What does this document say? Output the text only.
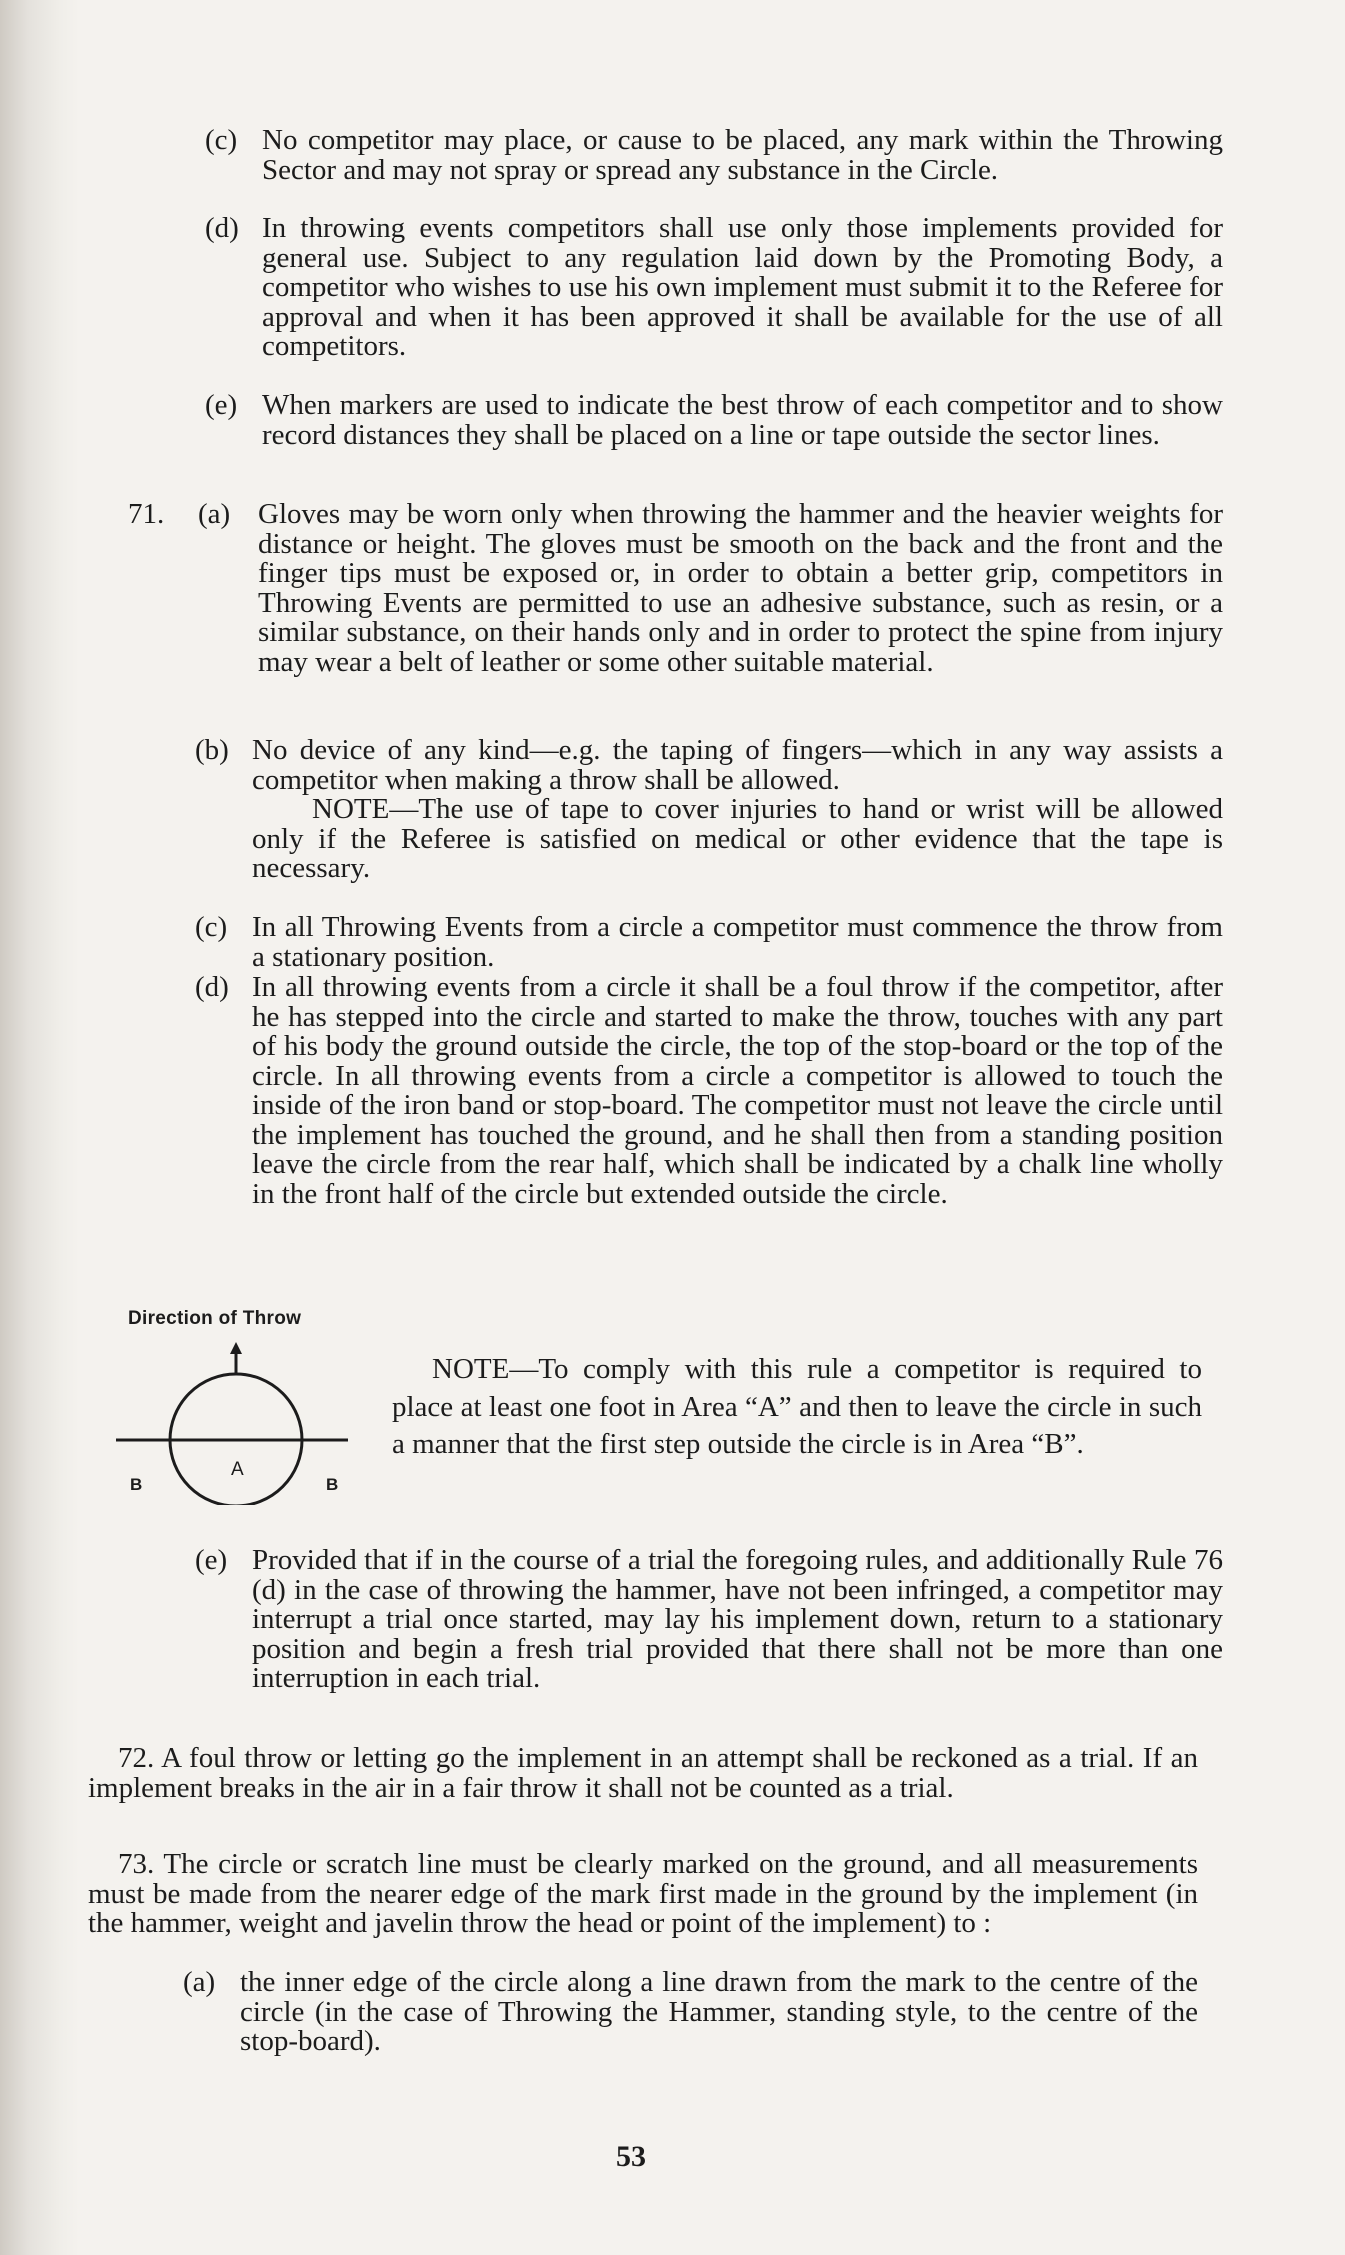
(c) No competitor may place, or cause to be placed, any mark within the Throwing Sector and may not spray or spread any substance in the Circle.
(d) In throwing events competitors shall use only those implements provided for general use. Subject to any regulation laid down by the Promoting Body, a competitor who wishes to use his own implement must submit it to the Referee for approval and when it has been approved it shall be available for the use of all competitors.
(e) When markers are used to indicate the best throw of each competitor and to show record distances they shall be placed on a line or tape outside the sector lines.
71. (a) Gloves may be worn only when throwing the hammer and the heavier weights for distance or height. The gloves must be smooth on the back and the front and the finger tips must be exposed or, in order to obtain a better grip, competitors in Throwing Events are permitted to use an adhesive substance, such as resin, or a similar substance, on their hands only and in order to protect the spine from injury may wear a belt of leather or some other suitable material.
(b) No device of any kind—e.g. the taping of fingers—which in any way assists a competitor when making a throw shall be allowed.
NOTE—The use of tape to cover injuries to hand or wrist will be allowed only if the Referee is satisfied on medical or other evidence that the tape is necessary.
(c) In all Throwing Events from a circle a competitor must commence the throw from a stationary position.
(d) In all throwing events from a circle it shall be a foul throw if the competitor, after he has stepped into the circle and started to make the throw, touches with any part of his body the ground outside the circle, the top of the stop-board or the top of the circle. In all throwing events from a circle a competitor is allowed to touch the inside of the iron band or stop-board. The competitor must not leave the circle until the implement has touched the ground, and he shall then from a standing position leave the circle from the rear half, which shall be indicated by a chalk line wholly in the front half of the circle but extended outside the circle.
Direction of Throw
A
B	B
NOTE—To comply with this rule a competitor is required to place at least one foot in Area “A” and then to leave the circle in such a manner that the first step outside the circle is in Area “B”.
(e) Provided that if in the course of a trial the foregoing rules, and additionally Rule 76 (d) in the case of throwing the hammer, have not been infringed, a competitor may interrupt a trial once started, may lay his implement down, return to a stationary position and begin a fresh trial provided that there shall not be more than one interruption in each trial.
72. A foul throw or letting go the implement in an attempt shall be reckoned as a trial. If an implement breaks in the air in a fair throw it shall not be counted as a trial.
73. The circle or scratch line must be clearly marked on the ground, and all measurements must be made from the nearer edge of the mark first made in the ground by the implement (in the hammer, weight and javelin throw the head or point of the implement) to :
(a) the inner edge of the circle along a line drawn from the mark to the centre of the circle (in the case of Throwing the Hammer, standing style, to the centre of the stop-board).
53
